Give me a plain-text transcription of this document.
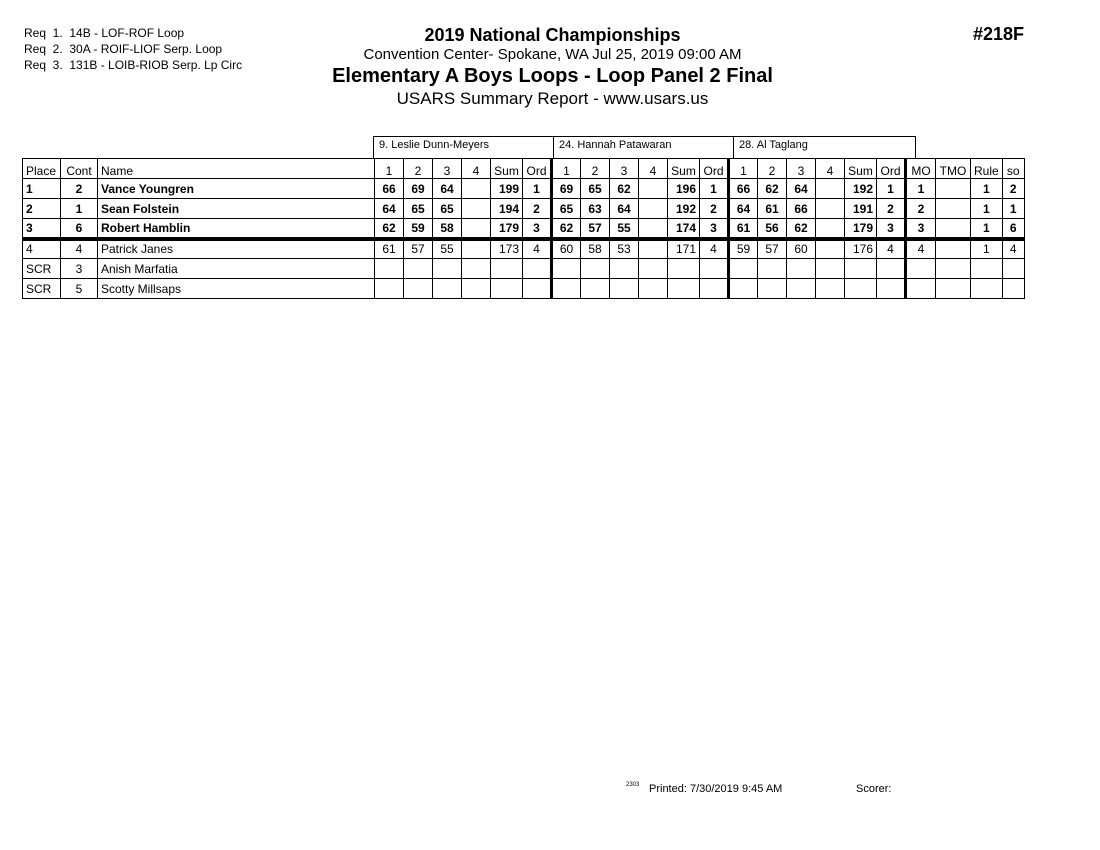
Req  1.  14B - LOF-ROF Loop
Req  2.  30A - ROIF-LIOF Serp. Loop
Req  3.  131B - LOIB-RIOB Serp. Lp Circ
2019 National Championships
Convention Center- Spokane, WA Jul 25, 2019 09:00 AM
Elementary A Boys Loops - Loop Panel 2 Final
USARS Summary Report - www.usars.us
#218F
9. Leslie Dunn-Meyers	24. Hannah Patawaran	28. Al Taglang
Place	Cont	Name	1	2	3	4	Sum	Ord	1	2	3	4	Sum	Ord	1	2	3	4	Sum	Ord	MO	TMO	Rule	so
1	2	Vance Youngren	66	69	64		199	1	69	65	62		196	1	66	62	64		192	1	1		1	2
2	1	Sean Folstein	64	65	65		194	2	65	63	64		192	2	64	61	66		191	2	2		1	1
3	6	Robert Hamblin	62	59	58		179	3	62	57	55		174	3	61	56	62		179	3	3		1	6
4	4	Patrick Janes	61	57	55		173	4	60	58	53		171	4	59	57	60		176	4	4		1	4
SCR	3	Anish Marfatia																						
SCR	5	Scotty Millsaps																						
2303 Printed: 7/30/2019 9:45 AM	Scorer:
